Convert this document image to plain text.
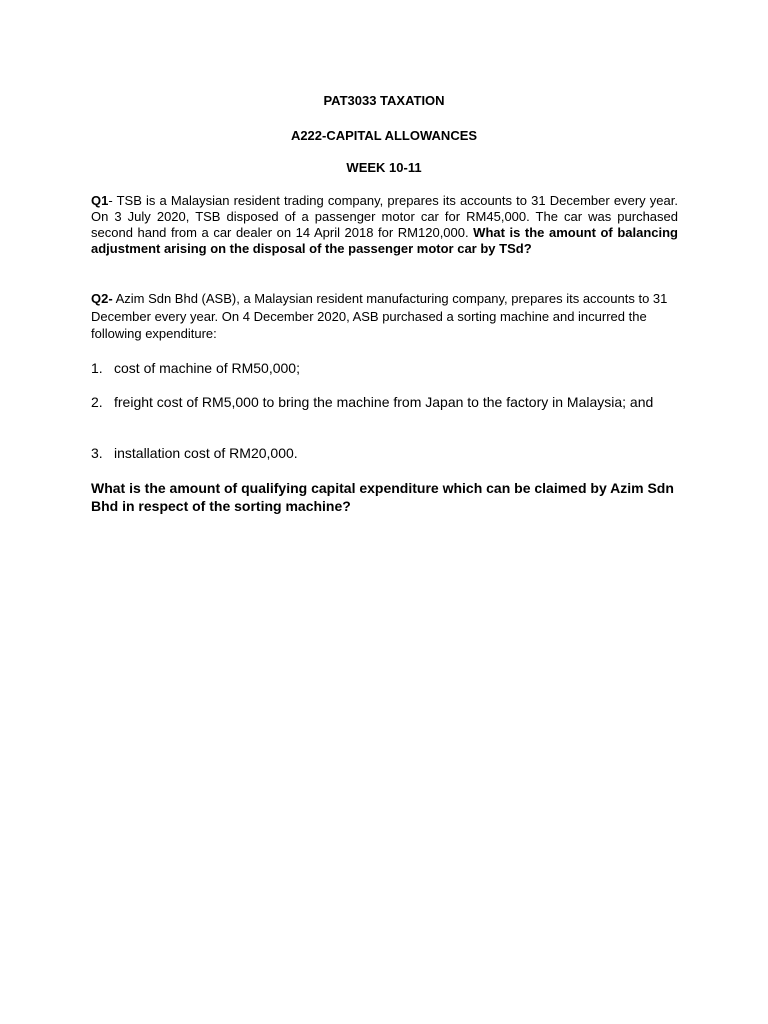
PAT3033 TAXATION
A222-CAPITAL ALLOWANCES
WEEK 10-11
Q1- TSB is a Malaysian resident trading company, prepares its accounts to 31 December every year. On 3 July 2020, TSB disposed of a passenger motor car for RM45,000. The car was purchased second hand from a car dealer on 14 April 2018 for RM120,000. What is the amount of balancing adjustment arising on the disposal of the passenger motor car by TSd?
Q2- Azim Sdn Bhd (ASB), a Malaysian resident manufacturing company, prepares its accounts to 31 December every year. On 4 December 2020, ASB purchased a sorting machine and incurred the following expenditure:
1. cost of machine of RM50,000;
2. freight cost of RM5,000 to bring the machine from Japan to the factory in Malaysia; and
3. installation cost of RM20,000.
What is the amount of qualifying capital expenditure which can be claimed by Azim Sdn Bhd in respect of the sorting machine?
